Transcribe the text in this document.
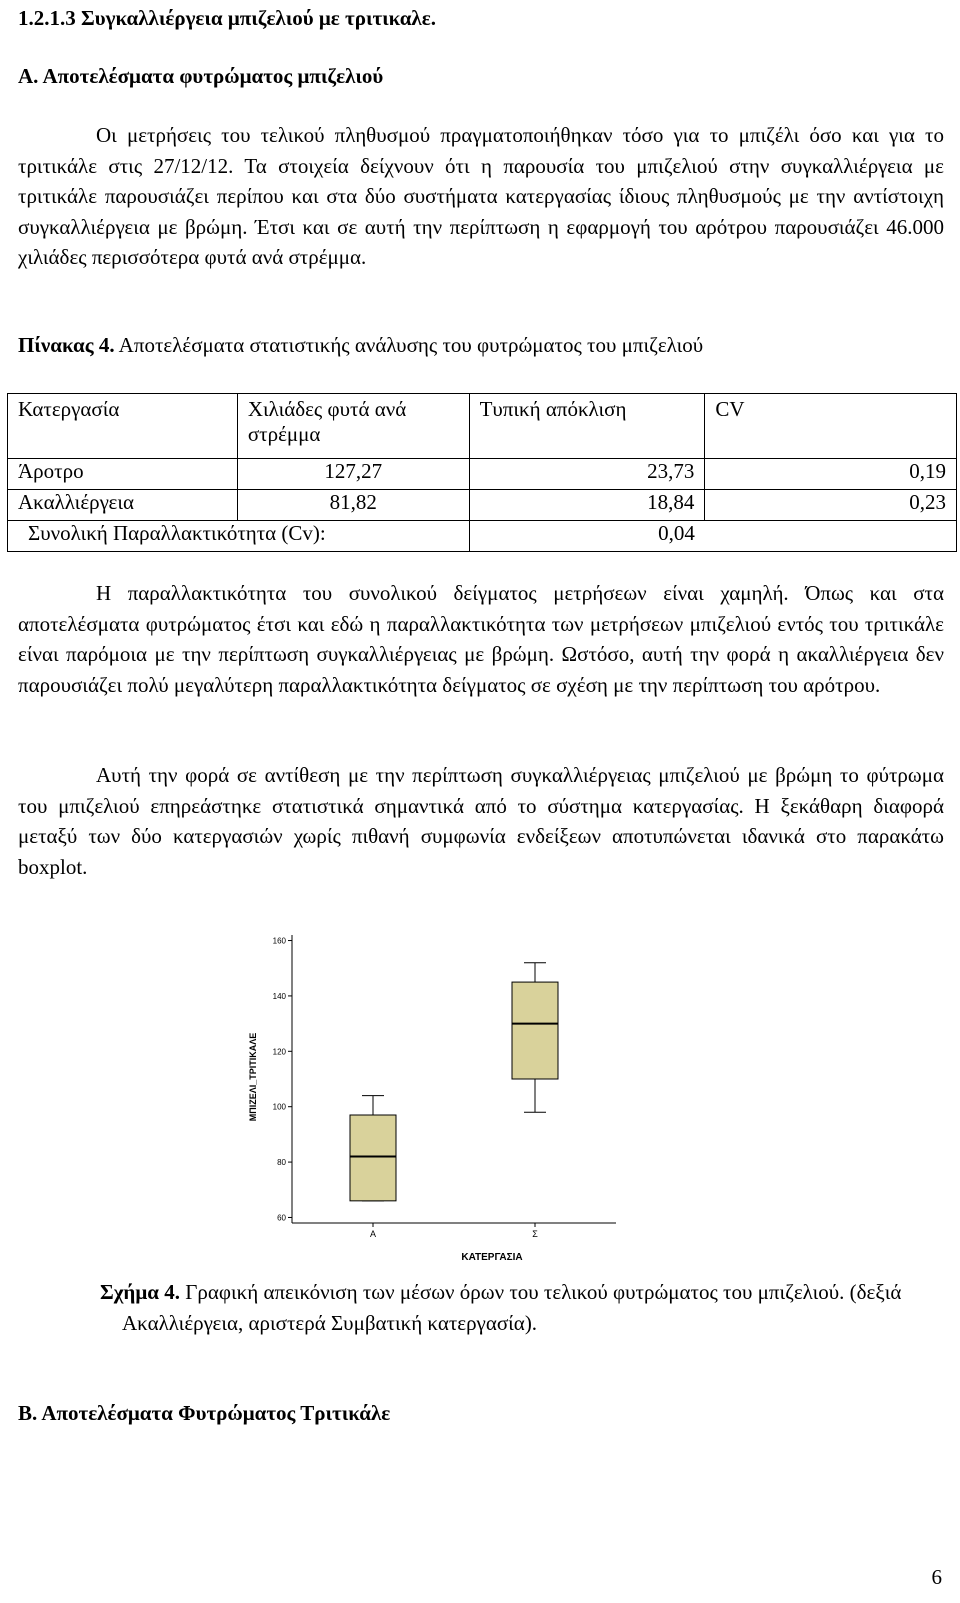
1.2.1.3 Συγκαλλιέργεια μπιζελιού με τριτικαλε.
Α. Αποτελέσματα φυτρώματος μπιζελιού
Οι μετρήσεις του τελικού πληθυσμού πραγματοποιήθηκαν τόσο για το μπιζέλι όσο και για το τριτικάλε στις 27/12/12. Τα στοιχεία δείχνουν ότι η παρουσία του μπιζελιού στην συγκαλλιέργεια με τριτικάλε παρουσιάζει περίπου και στα δύο συστήματα κατεργασίας ίδιους πληθυσμούς με την αντίστοιχη συγκαλλιέργεια με βρώμη. Έτσι και σε αυτή την περίπτωση η εφαρμογή του αρότρου παρουσιάζει 46.000 χιλιάδες περισσότερα φυτά ανά στρέμμα.
Πίνακας 4. Αποτελέσματα στατιστικής ανάλυσης του φυτρώματος του μπιζελιού
Κατεργασία	Χιλιάδες φυτά ανά στρέμμα	Τυπική απόκλιση	CV
Άροτρο	127,27	23,73	0,19
Ακαλλιέργεια	81,82	18,84	0,23
Συνολική Παραλλακτικότητα (Cv):		0,04	
Η παραλλακτικότητα του συνολικού δείγματος μετρήσεων είναι χαμηλή. Όπως και στα αποτελέσματα φυτρώματος έτσι και εδώ η παραλλακτικότητα των μετρήσεων μπιζελιού εντός του τριτικάλε είναι παρόμοια με την περίπτωση συγκαλλιέργειας με βρώμη. Ωστόσο, αυτή την φορά η ακαλλιέργεια δεν παρουσιάζει πολύ μεγαλύτερη παραλλακτικότητα δείγματος σε σχέση με την περίπτωση του αρότρου.
Αυτή την φορά σε αντίθεση με την περίπτωση συγκαλλιέργειας μπιζελιού με βρώμη το φύτρωμα του μπιζελιού επηρεάστηκε στατιστικά σημαντικά από το σύστημα κατεργασίας. Η ξεκάθαρη διαφορά μεταξύ των δύο κατεργασιών χωρίς πιθανή συμφωνία ενδείξεων αποτυπώνεται ιδανικά στο παρακάτω boxplot.
60
80
100
120
140
160
Α	Σ
ΜΠΙΖΕΛΙ_ΤΡΙΤΙΚΑΛΕ
ΚΑΤΕΡΓΑΣΙΑ
Σχήμα 4. Γραφική απεικόνιση των μέσων όρων του τελικού φυτρώματος του μπιζελιού. (δεξιά Ακαλλιέργεια, αριστερά Συμβατική κατεργασία).
Β. Αποτελέσματα Φυτρώματος Τριτικάλε
6
